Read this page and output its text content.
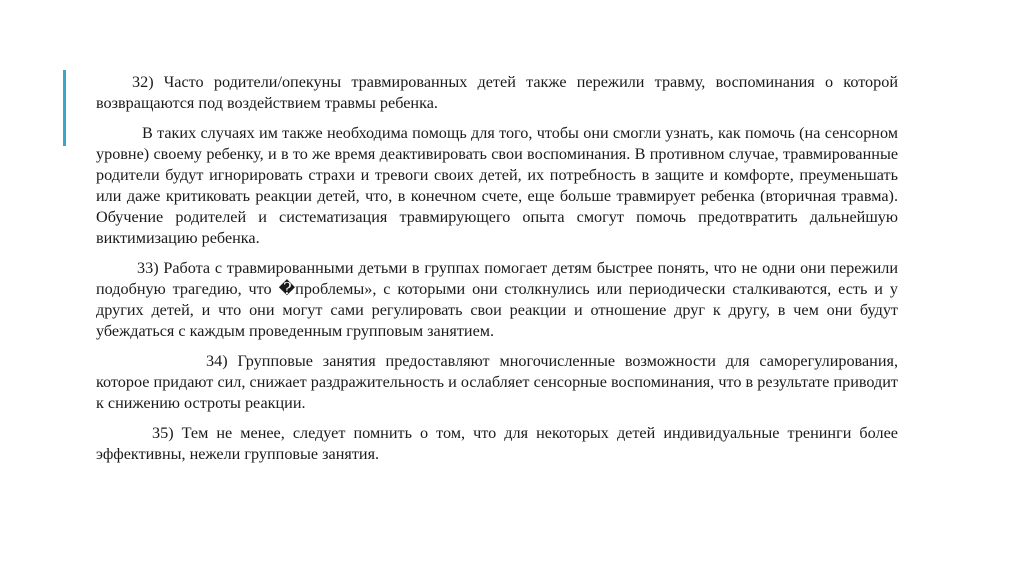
32) Часто родители/опекуны травмированных детей также пережили травму, воспоминания о которой возвращаются под воздействием травмы ребенка.

В таких случаях им также необходима помощь для того, чтобы они смогли узнать, как помочь (на сенсорном уровне) своему ребенку, и в то же время деактивировать свои воспоминания. В противном случае, травмированные родители будут игнорировать страхи и тревоги своих детей, их потребность в защите и комфорте, преуменьшать или даже критиковать реакции детей, что, в конечном счете, еще больше травмирует ребенка (вторичная травма). Обучение родителей и систематизация травмирующего опыта смогут помочь предотвратить дальнейшую виктимизацию ребенка.

33) Работа с травмированными детьми в группах помогает детям быстрее понять, что не одни они пережили подобную трагедию, что �проблемы», с которыми они столкнулись или периодически сталкиваются, есть и у других детей, и что они могут сами регулировать свои реакции и отношение друг к другу, в чем они будут убеждаться с каждым проведенным групповым занятием.

34) Групповые занятия предоставляют многочисленные возможности для саморегулирования, которое придают сил, снижает раздражительность и ослабляет сенсорные воспоминания, что в результате приводит к снижению остроты реакции.

35) Тем не менее, следует помнить о том, что для некоторых детей индивидуальные тренинги более эффективны, нежели групповые занятия.
